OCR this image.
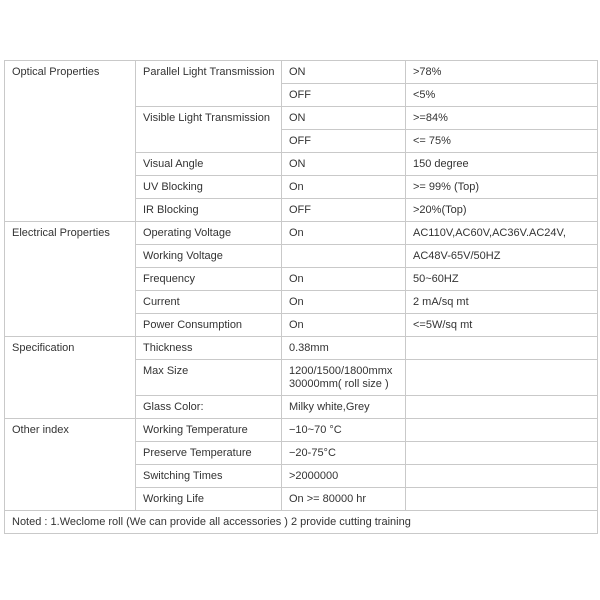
Optical Properties	Parallel Light Transmission	ON	>78%
		OFF	<5%
	Visible Light Transmission	ON	>=84%
		OFF	<= 75%
	Visual Angle	ON	150 degree
	UV Blocking	On	>= 99% (Top)
	IR Blocking	OFF	>20%(Top)
Electrical Properties	Operating Voltage	On	AC110V,AC60V,AC36V.AC24V,
	Working Voltage		AC48V-65V/50HZ
	Frequency	On	50~60HZ
	Current	On	2 mA/sq mt
	Power Consumption	On	<=5W/sq mt
Specification	Thickness	0.38mm	
	Max Size	1200/1500/1800mmx 30000mm( roll size )	
	Glass Color:	Milky white,Grey	
Other index	Working Temperature	−10~70 °C	
	Preserve Temperature	−20-75°C	
	Switching Times	>2000000	
	Working Life	On >= 80000 hr	
Noted : 1.Weclome roll (We can provide all accessories ) 2 provide cutting training			
